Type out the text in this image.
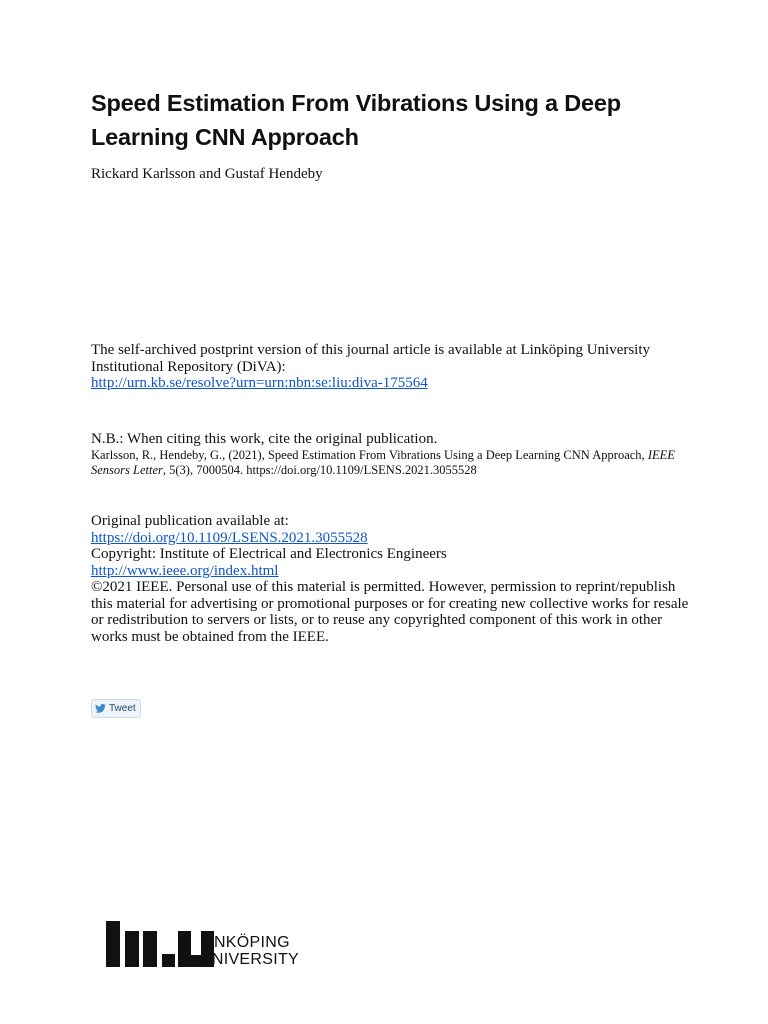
Speed Estimation From Vibrations Using a Deep Learning CNN Approach
Rickard Karlsson and Gustaf Hendeby
The self-archived postprint version of this journal article is available at Linköping University Institutional Repository (DiVA):
http://urn.kb.se/resolve?urn=urn:nbn:se:liu:diva-175564
N.B.: When citing this work, cite the original publication.
Karlsson, R., Hendeby, G., (2021), Speed Estimation From Vibrations Using a Deep Learning CNN Approach, IEEE Sensors Letter, 5(3), 7000504. https://doi.org/10.1109/LSENS.2021.3055528
Original publication available at:
https://doi.org/10.1109/LSENS.2021.3055528
Copyright: Institute of Electrical and Electronics Engineers
http://www.ieee.org/index.html
©2021 IEEE. Personal use of this material is permitted. However, permission to reprint/republish this material for advertising or promotional purposes or for creating new collective works for resale or redistribution to servers or lists, or to reuse any copyrighted component of this work in other works must be obtained from the IEEE.
Tweet
LINKÖPING
UNIVERSITY
